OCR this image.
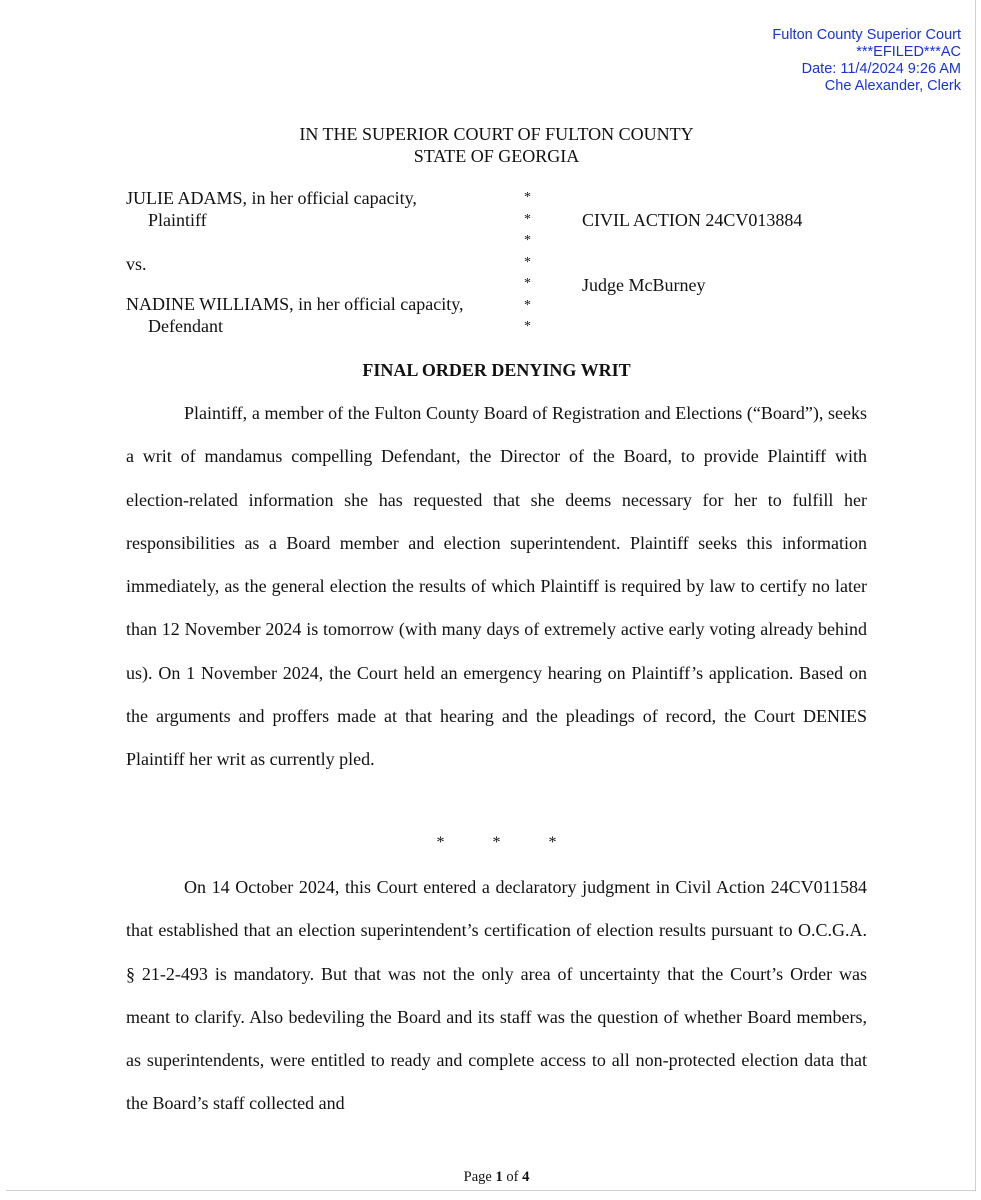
Fulton County Superior Court
***EFILED***AC
Date: 11/4/2024 9:26 AM
Che Alexander, Clerk
IN THE SUPERIOR COURT OF FULTON COUNTY
STATE OF GEORGIA
JULIE ADAMS, in her official capacity,
Plaintiff
vs.
NADINE WILLIAMS, in her official capacity,
Defendant
*
*
*
*
*
*
*
CIVIL ACTION 24CV013884
Judge McBurney
FINAL ORDER DENYING WRIT

Plaintiff, a member of the Fulton County Board of Registration and Elections (“Board”), seeks a writ of mandamus compelling Defendant, the Director of the Board, to provide Plaintiff with election-related information she has requested that she deems necessary for her to fulfill her responsibilities as a Board member and election superintendent. Plaintiff seeks this information immediately, as the general election the results of which Plaintiff is required by law to certify no later than 12 November 2024 is tomorrow (with many days of extremely active early voting already behind us). On 1 November 2024, the Court held an emergency hearing on Plaintiff’s application. Based on the arguments and proffers made at that hearing and the pleadings of record, the Court DENIES Plaintiff her writ as currently pled.

* * *

On 14 October 2024, this Court entered a declaratory judgment in Civil Action 24CV011584 that established that an election superintendent’s certification of election results pursuant to O.C.G.A. § 21-2-493 is mandatory. But that was not the only area of uncertainty that the Court’s Order was meant to clarify. Also bedeviling the Board and its staff was the question of whether Board members, as superintendents, were entitled to ready and complete access to all non-protected election data that the Board’s staff collected and

Page 1 of 4
